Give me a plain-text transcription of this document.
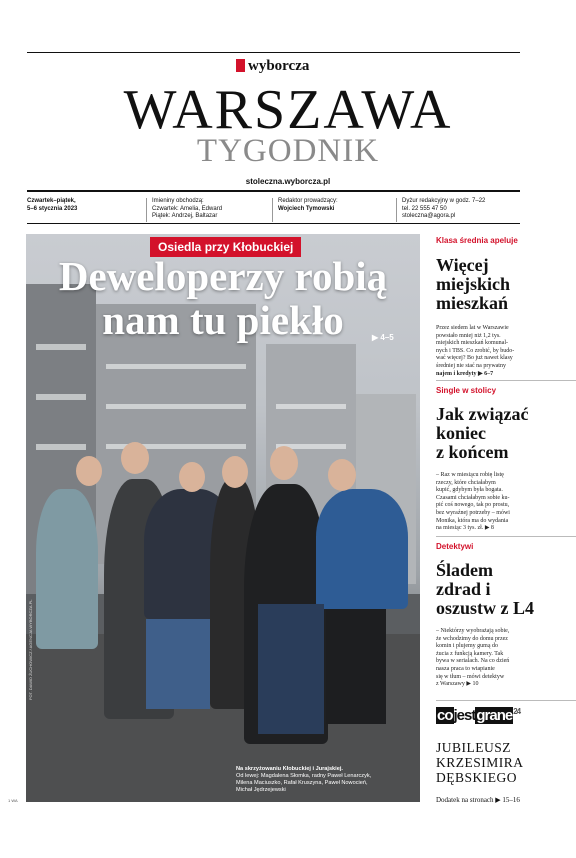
wyborcza
WARSZAWA
TYGODNIK
stoleczna.wyborcza.pl
Czwartek–piątek,
5–6 stycznia 2023
Imieniny obchodzą:
Czwartek: Amelia, Edward
Piątek: Andrzej, Baltazar
Redaktor prowadzący:
Wojciech Tymowski
Dyżur redakcyjny w godz. 7–22
tel. 22 555 47 50
stoleczna@agora.pl
Osiedla przy Kłobuckiej
Deweloperzy robią
nam tu piekło	▶ 4–5
Na skrzyżowaniu Kłobuckiej i Jurajskiej.
Od lewej: Magdalena Słomka, radny Paweł Lenarczyk,
Milena Maciuszko, Rafał Kruszyna, Paweł Nowocień,
Michał Jędrzejewski
FOT. DAWID ŻUCHOWICZ / AGENCJA WYBORCZA.PL
1 WA
Klasa średnia apeluje
Więcej
miejskich
mieszkań
Przez siedem lat w Warszawie
powstało mniej niż 1,2 tys.
miejskich mieszkań komunal-
nych i TBS. Co zrobić, by budo-
wać więcej? Bo już nawet klasy
średniej nie stać na prywatny
najem i kredyty ▶ 6–7
Single w stolicy
Jak związać
koniec
z końcem
– Raz w miesiącu robię listę
rzeczy, które chciałabym
kupić, gdybym była bogata.
Czasami chciałabym sobie ku-
pić coś nowego, tak po prostu,
bez wyraźnej potrzeby – mówi
Monika, która ma do wydania
na miesiąc 3 tys. zł. ▶ 8
Detektywi
Śladem
zdrad i
oszustw z L4
– Niektórzy wyobrażają sobie,
że wchodzimy do domu przez
komin i plujemy gumą do
żucia z funkcją kamery. Tak
bywa w serialach. Na co dzień
nasza praca to wtapianie
się w tłum – mówi detektyw
z Warszawy ▶ 10
cojestgrane$^{24}$
JUBILEUSZ
KRZESIMIRA
DĘBSKIEGO
Dodatek na stronach ▶ 15–16
